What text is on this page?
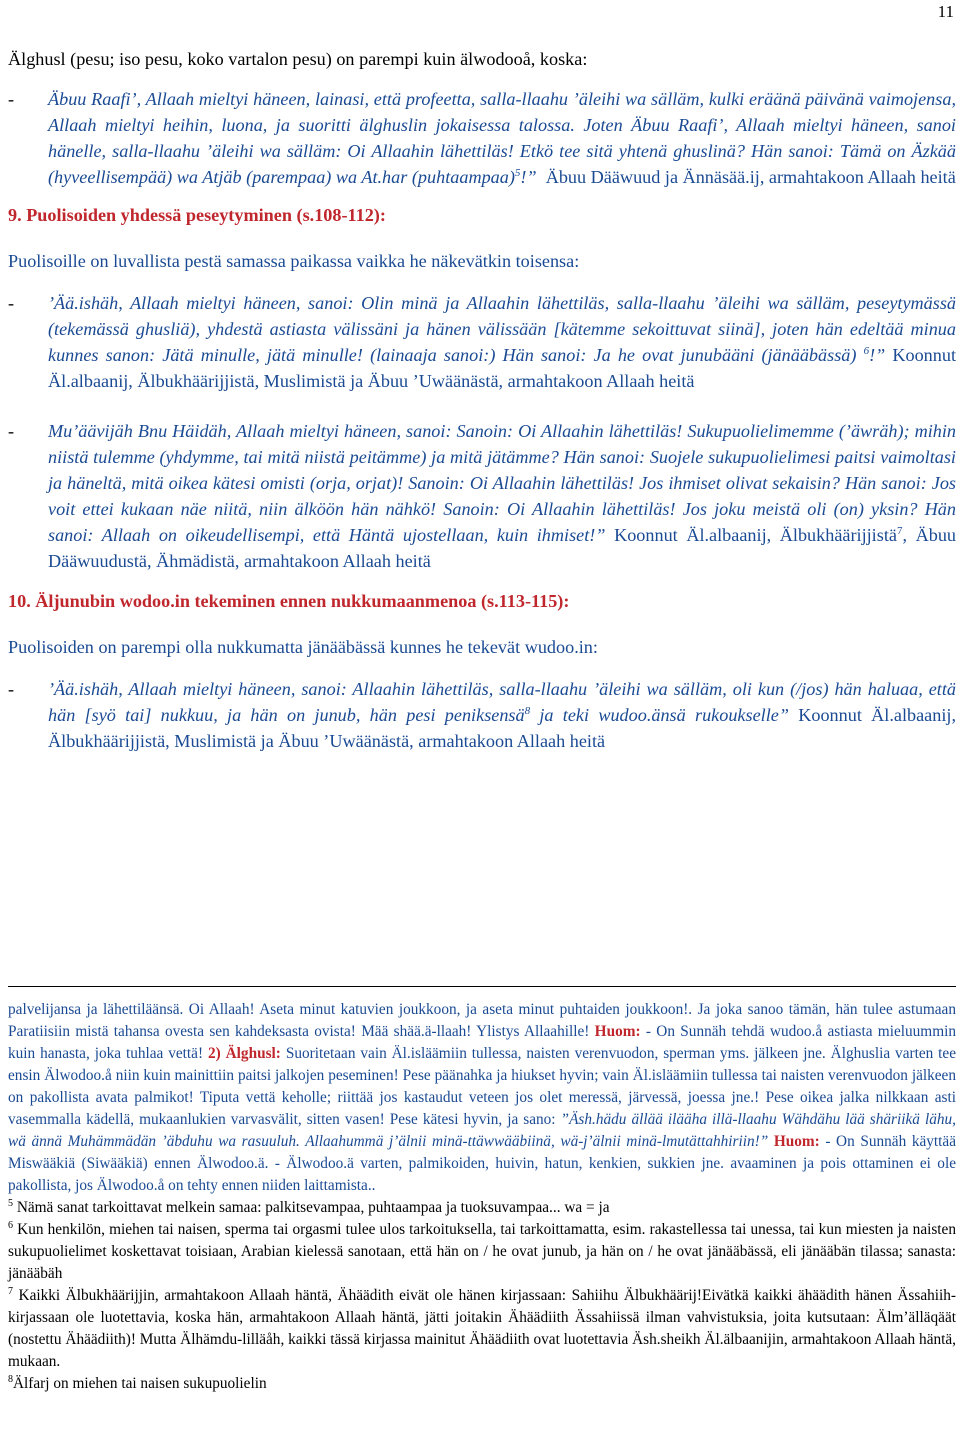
11

Älghusl (pesu; iso pesu, koko vartalon pesu) on parempi kuin älwodooå, koska:

-	Äbuu Raafi’, Allaah mieltyi häneen, lainasi, että profeetta, salla-llaahu ’äleihi wa sälläm, kulki eräänä päivänä vaimojensa, Allaah mieltyi heihin, luona, ja suoritti älghuslin jokaisessa talossa. Joten Äbuu Raafi’, Allaah mieltyi häneen, sanoi hänelle, salla-llaahu ’äleihi wa sälläm: Oi Allaahin lähettiläs! Etkö tee sitä yhtenä ghuslinä? Hän sanoi: Tämä on Äzkää (hyveellisempää) wa Atjäb (parempaa) wa At.har (puhtaampaa)$^5$!” Äbuu Dääwuud ja Ännäsää.ij, armahtakoon Allaah heitä

9. Puolisoiden yhdessä peseytyminen (s.108-112):

Puolisoille on luvallista pestä samassa paikassa vaikka he näkevätkin toisensa:

-	’Ää.ishäh, Allaah mieltyi häneen, sanoi: Olin minä ja Allaahin lähettiläs, salla-llaahu ’äleihi wa sälläm, peseytymässä (tekemässä ghusliä), yhdestä astiasta välissäni ja hänen välissään [kätemme sekoittuvat siinä], joten hän edeltää minua kunnes sanon: Jätä minulle, jätä minulle! (lainaaja sanoi:) Hän sanoi: Ja he ovat junubääni (jänääbässä) $^6$!” Koonnut Äl.albaanij, Älbukhäärijjistä, Muslimistä ja Äbuu ’Uwäänästä, armahtakoon Allaah heitä
-	Mu’äävijäh Bnu Häidäh, Allaah mieltyi häneen, sanoi: Sanoin: Oi Allaahin lähettiläs! Sukupuolielimemme (’äwräh); mihin niistä tulemme (yhdymme, tai mitä niistä peitämme) ja mitä jätämme? Hän sanoi: Suojele sukupuolielimesi paitsi vaimoltasi ja häneltä, mitä oikea kätesi omisti (orja, orjat)! Sanoin: Oi Allaahin lähettiläs! Jos ihmiset olivat sekaisin? Hän sanoi: Jos voit ettei kukaan näe niitä, niin älköön hän nähkö! Sanoin: Oi Allaahin lähettiläs! Jos joku meistä oli (on) yksin? Hän sanoi: Allaah on oikeudellisempi, että Häntä ujostellaan, kuin ihmiset!” Koonnut Äl.albaanij, Älbukhäärijjistä$^7$, Äbuu Dääwuudustä, Ähmädistä, armahtakoon Allaah heitä

10. Äljunubin wodoo.in tekeminen ennen nukkumaanmenoa (s.113-115):

Puolisoiden on parempi olla nukkumatta jänääbässä kunnes he tekevät wudoo.in:

-	’Ää.ishäh, Allaah mieltyi häneen, sanoi: Allaahin lähettiläs, salla-llaahu ’äleihi wa sälläm, oli kun (/jos) hän haluaa, että hän [syö tai] nukkuu, ja hän on junub, hän pesi peniksensä$^8$ ja teki wudoo.änsä rukoukselle” Koonnut Äl.albaanij, Älbukhäärijjistä, Muslimistä ja Äbuu ’Uwäänästä, armahtakoon Allaah heitä

palvelijansa ja lähettiläänsä. Oi Allaah! Aseta minut katuvien joukkoon, ja aseta minut puhtaiden joukkoon!. Ja joka sanoo tämän, hän tulee astumaan Paratiisiin mistä tahansa ovesta sen kahdeksasta ovista! Mää shää.ä-llaah! Ylistys Allaahille! Huom: - On Sunnäh tehdä wudoo.å astiasta mieluummin kuin hanasta, joka tuhlaa vettä! 2) Älghusl: Suoritetaan vain Äl.isläämiin tullessa, naisten verenvuodon, sperman yms. jälkeen jne. Älghuslia varten tee ensin Älwodoo.å niin kuin mainittiin paitsi jalkojen peseminen! Pese päänahka ja hiukset hyvin; vain Äl.isläämiin tullessa tai naisten verenvuodon jälkeen on pakollista avata palmikot! Tiputa vettä keholle; riittää jos kastaudut veteen jos olet meressä, järvessä, joessa jne.! Pese oikea jalka nilkkaan asti vasemmalla kädellä, mukaanlukien varvasvälit, sitten vasen! Pese kätesi hyvin, ja sano: ”Äsh.hädu ällää ilääha illä-llaahu Wähdähu lää shäriikä lähu, wä ännä Muhämmädän ’äbduhu wa rasuuluh. Allaahummä j’älnii minä-ttäwwääbiinä, wä-j’älnii minä-lmutättahhiriin!” Huom: - On Sunnäh käyttää Miswääkiä (Siwääkiä) ennen Älwodoo.ä. - Älwodoo.ä varten, palmikoiden, huivin, hatun, kenkien, sukkien jne. avaaminen ja pois ottaminen ei ole pakollista, jos Älwodoo.å on tehty ennen niiden laittamista..

$^5$ Nämä sanat tarkoittavat melkein samaa: palkitsevampaa, puhtaampaa ja tuoksuvampaa... wa = ja

$^6$ Kun henkilön, miehen tai naisen, sperma tai orgasmi tulee ulos tarkoituksella, tai tarkoittamatta, esim. rakastellessa tai unessa, tai kun miesten ja naisten sukupuolielimet koskettavat toisiaan, Arabian kielessä sanotaan, että hän on / he ovat junub, ja hän on / he ovat jänääbässä, eli jänääbän tilassa; sanasta: jänääbäh

$^7$ Kaikki Älbukhäärijjin, armahtakoon Allaah häntä, Ähäädith eivät ole hänen kirjassaan: Sahiihu Älbukhäärij!Eivätkä kaikki ähäädith hänen Ässahiih-kirjassaan ole luotettavia, koska hän, armahtakoon Allaah häntä, jätti joitakin Ähäädiith Ässahiissä ilman vahvistuksia, joita kutsutaan: Älm’älläqäät (nostettu Ähäädiith)! Mutta Älhämdu-lilläåh, kaikki tässä kirjassa mainitut Ähäädiith ovat luotettavia Äsh.sheikh Äl.älbaanijin, armahtakoon Allaah häntä, mukaan.

$^8$Älfarj on miehen tai naisen sukupuolielin
